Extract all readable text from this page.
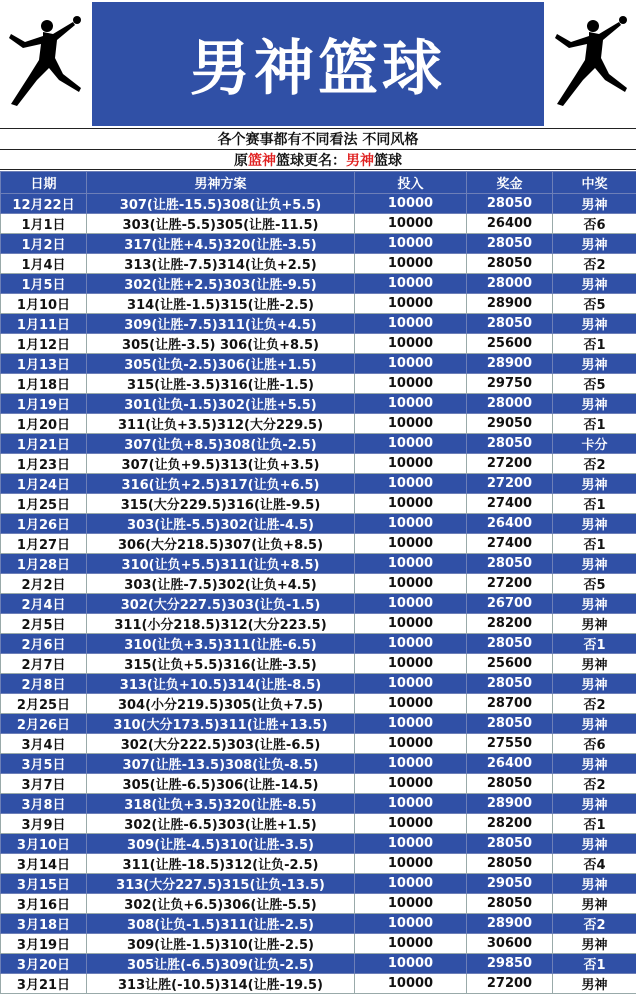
男神篮球
各个赛事都有不同看法 不同风格
原 篮神 篮球更名： 男神 篮球
日期	男神方案	投入	奖金	中奖
12月22日	307(让胜-15.5)308(让负+5.5)	10000	28050	男神
1月1日	303(让胜-5.5)305(让胜-11.5)	10000	26400	否6
1月2日	317(让胜+4.5)320(让胜-3.5)	10000	28050	男神
1月4日	313(让胜-7.5)314(让负+2.5)	10000	28050	否2
1月5日	302(让胜+2.5)303(让胜-9.5)	10000	28000	男神
1月10日	314(让胜-1.5)315(让胜-2.5)	10000	28900	否5
1月11日	309(让胜-7.5)311(让负+4.5)	10000	28050	男神
1月12日	305(让胜-3.5) 306(让负+8.5)	10000	25600	否1
1月13日	305(让负-2.5)306(让胜+1.5)	10000	28900	男神
1月18日	315(让胜-3.5)316(让胜-1.5)	10000	29750	否5
1月19日	301(让负-1.5)302(让胜+5.5)	10000	28000	男神
1月20日	311(让负+3.5)312(大分229.5)	10000	29050	否1
1月21日	307(让负+8.5)308(让负-2.5)	10000	28050	卡分
1月23日	307(让负+9.5)313(让负+3.5)	10000	27200	否2
1月24日	316(让负+2.5)317(让负+6.5)	10000	27200	男神
1月25日	315(大分229.5)316(让胜-9.5)	10000	27400	否1
1月26日	303(让胜-5.5)302(让胜-4.5)	10000	26400	男神
1月27日	306(大分218.5)307(让负+8.5)	10000	27400	否1
1月28日	310(让负+5.5)311(让负+8.5)	10000	28050	男神
2月2日	303(让胜-7.5)302(让负+4.5)	10000	27200	否5
2月4日	302(大分227.5)303(让负-1.5)	10000	26700	男神
2月5日	311(小分218.5)312(大分223.5)	10000	28200	男神
2月6日	310(让负+3.5)311(让胜-6.5)	10000	28050	否1
2月7日	315(让负+5.5)316(让胜-3.5)	10000	25600	男神
2月8日	313(让负+10.5)314(让胜-8.5)	10000	28050	男神
2月25日	304(小分219.5)305(让负+7.5)	10000	28700	否2
2月26日	310(大分173.5)311(让胜+13.5)	10000	28050	男神
3月4日	302(大分222.5)303(让胜-6.5)	10000	27550	否6
3月5日	307(让胜-13.5)308(让负-8.5)	10000	26400	男神
3月7日	305(让胜-6.5)306(让胜-14.5)	10000	28050	否2
3月8日	318(让负+3.5)320(让胜-8.5)	10000	28900	男神
3月9日	302(让胜-6.5)303(让胜+1.5)	10000	28200	否1
3月10日	309(让胜-4.5)310(让胜-3.5)	10000	28050	男神
3月14日	311(让胜-18.5)312(让负-2.5)	10000	28050	否4
3月15日	313(大分227.5)315(让负-13.5)	10000	29050	男神
3月16日	302(让负+6.5)306(让胜-5.5)	10000	28050	男神
3月18日	308(让负-1.5)311(让胜-2.5)	10000	28900	否2
3月19日	309(让胜-1.5)310(让胜-2.5)	10000	30600	男神
3月20日	305让胜(-6.5)309(让负-2.5)	10000	29850	否1
3月21日	313让胜(-10.5)314(让胜-19.5)	10000	27200	男神
